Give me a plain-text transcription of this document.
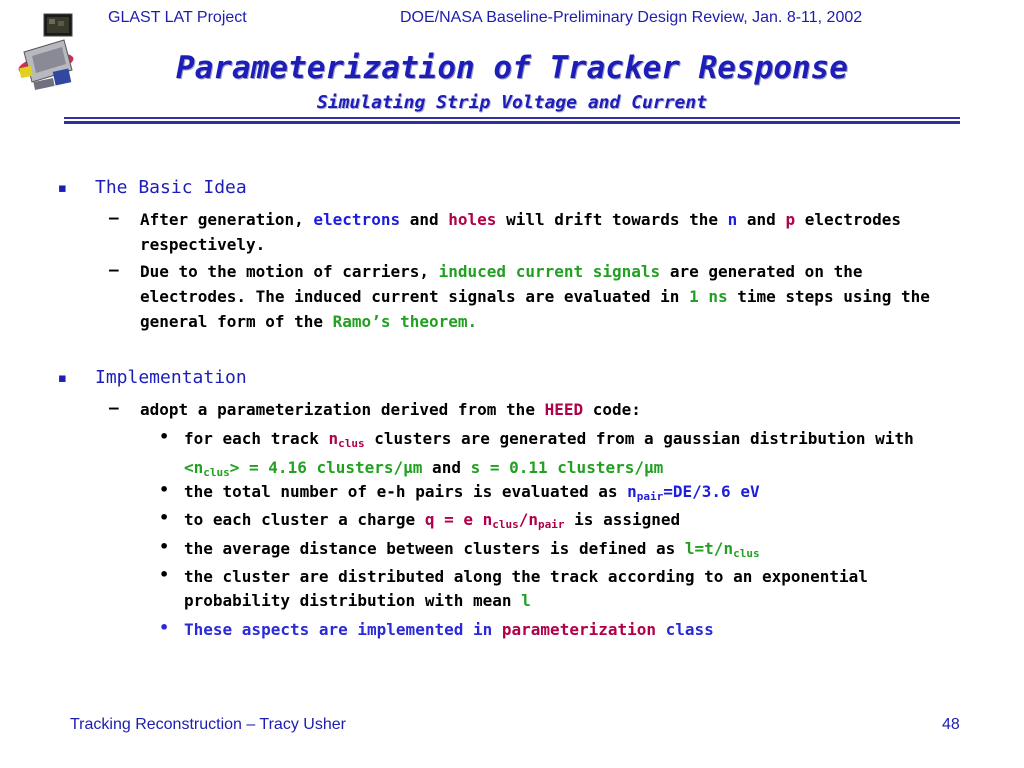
GLAST LAT Project	DOE/NASA Baseline-Preliminary Design Review, Jan. 8-11, 2002
Parameterization of Tracker Response
Simulating Strip Voltage and Current
▪ The Basic Idea
– After generation, electrons and holes will drift towards the n and p electrodes respectively.
– Due to the motion of carriers, induced current signals are generated on the electrodes. The induced current signals are evaluated in 1 ns time steps using the general form of the Ramo’s theorem.
▪ Implementation
– adopt a parameterization derived from the HEED code:
• for each track $n_{clus}$ clusters are generated from a gaussian distribution with $<n_{clus}> = 4.16$ clusters/µm and s = 0.11 clusters/µm
• the total number of e-h pairs is evaluated as $n_{pair}=DE/3.6$ eV
• to each cluster a charge q = e $n_{clus}/n_{pair}$ is assigned
• the average distance between clusters is defined as $l=t/n_{clus}$
• the cluster are distributed along the track according to an exponential probability distribution with mean l
• These aspects are implemented in parameterization class
Tracking Reconstruction – Tracy Usher	48
